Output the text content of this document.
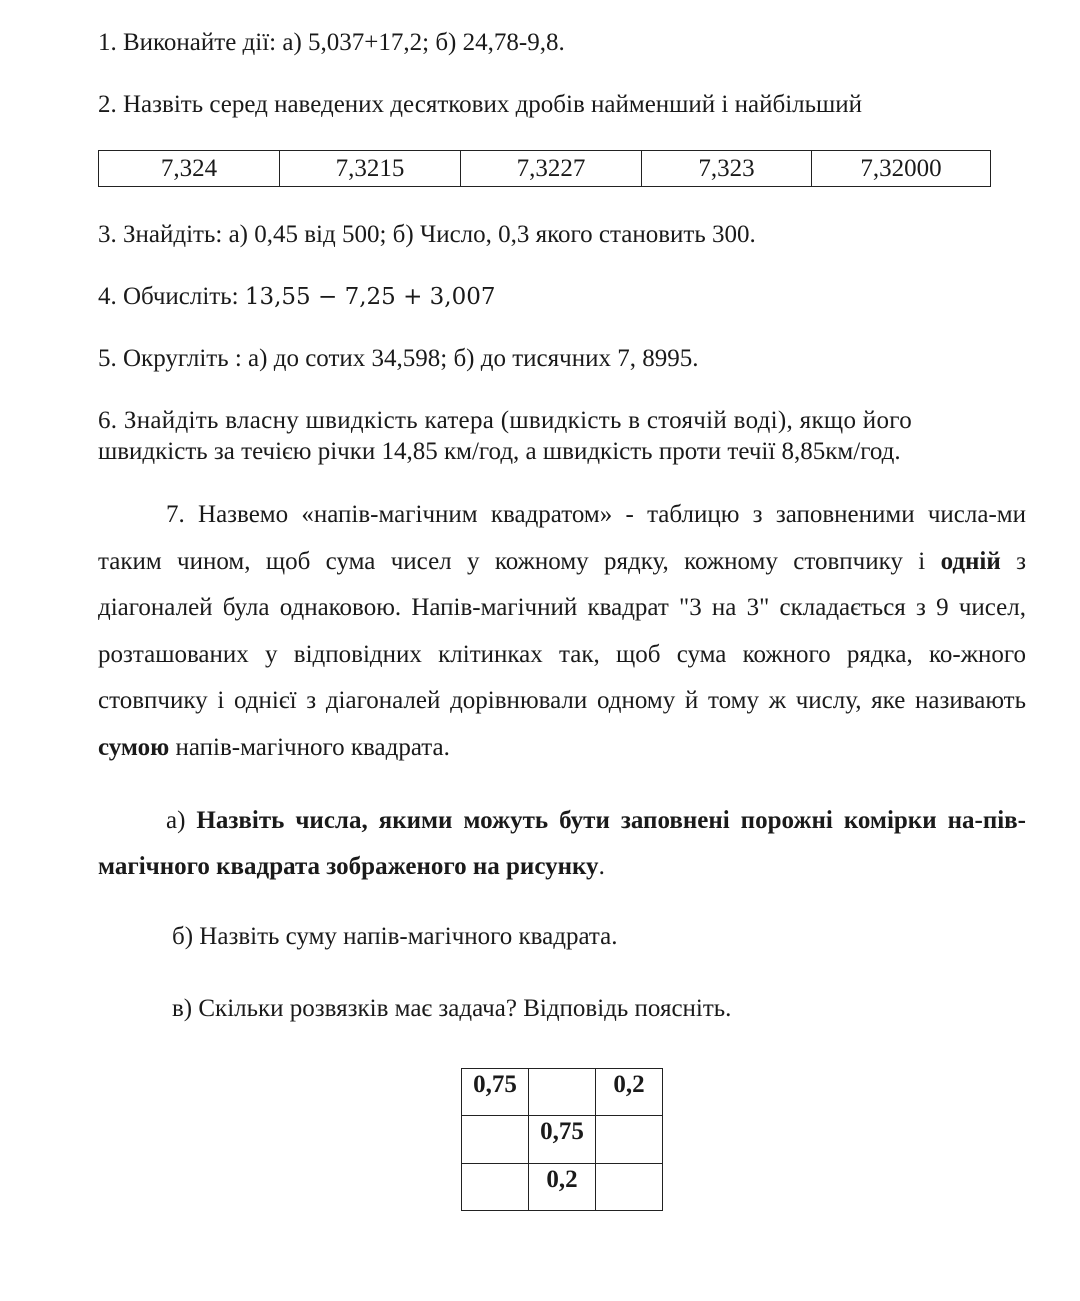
1. Виконайте дії: а) 5,037+17,2; б) 24,78-9,8.
2. Назвіть серед наведених десяткових дробів найменший і найбільший
7,324	7,3215	7,3227	7,323	7,32000
3. Знайдіть: а) 0,45 від 500; б) Число, 0,3 якого становить 300.
4. Обчисліть: 13,55 − 7,25 + 3,007
5. Округліть : а) до сотих 34,598; б) до тисячних 7, 8995.
6. Знайдіть власну швидкість катера (швидкість в стоячій воді), якщо його
швидкість за течією річки 14,85 км/год, а швидкість проти течії 8,85км/год.
7. Назвемо «напів-магічним квадратом» - таблицю з заповненими числа-ми таким чином, щоб сума чисел у кожному рядку, кожному стовпчику і одній з діагоналей була однаковою. Напів-магічний квадрат "3 на 3" складається з 9 чисел, розташованих у відповідних клітинках так, щоб сума кожного рядка, ко-жного стовпчику і однієї з діагоналей дорівнювали одному й тому ж числу, яке називають сумою напів-магічного квадрата.
а) Назвіть числа, якими можуть бути заповнені порожні комірки на-пів-магічного квадрата зображеного на рисунку.
б) Назвіть суму напів-магічного квадрата.
в) Скільки розвязків має задача? Відповідь поясніть.
0,75		0,2
	0,75	
	0,2	
